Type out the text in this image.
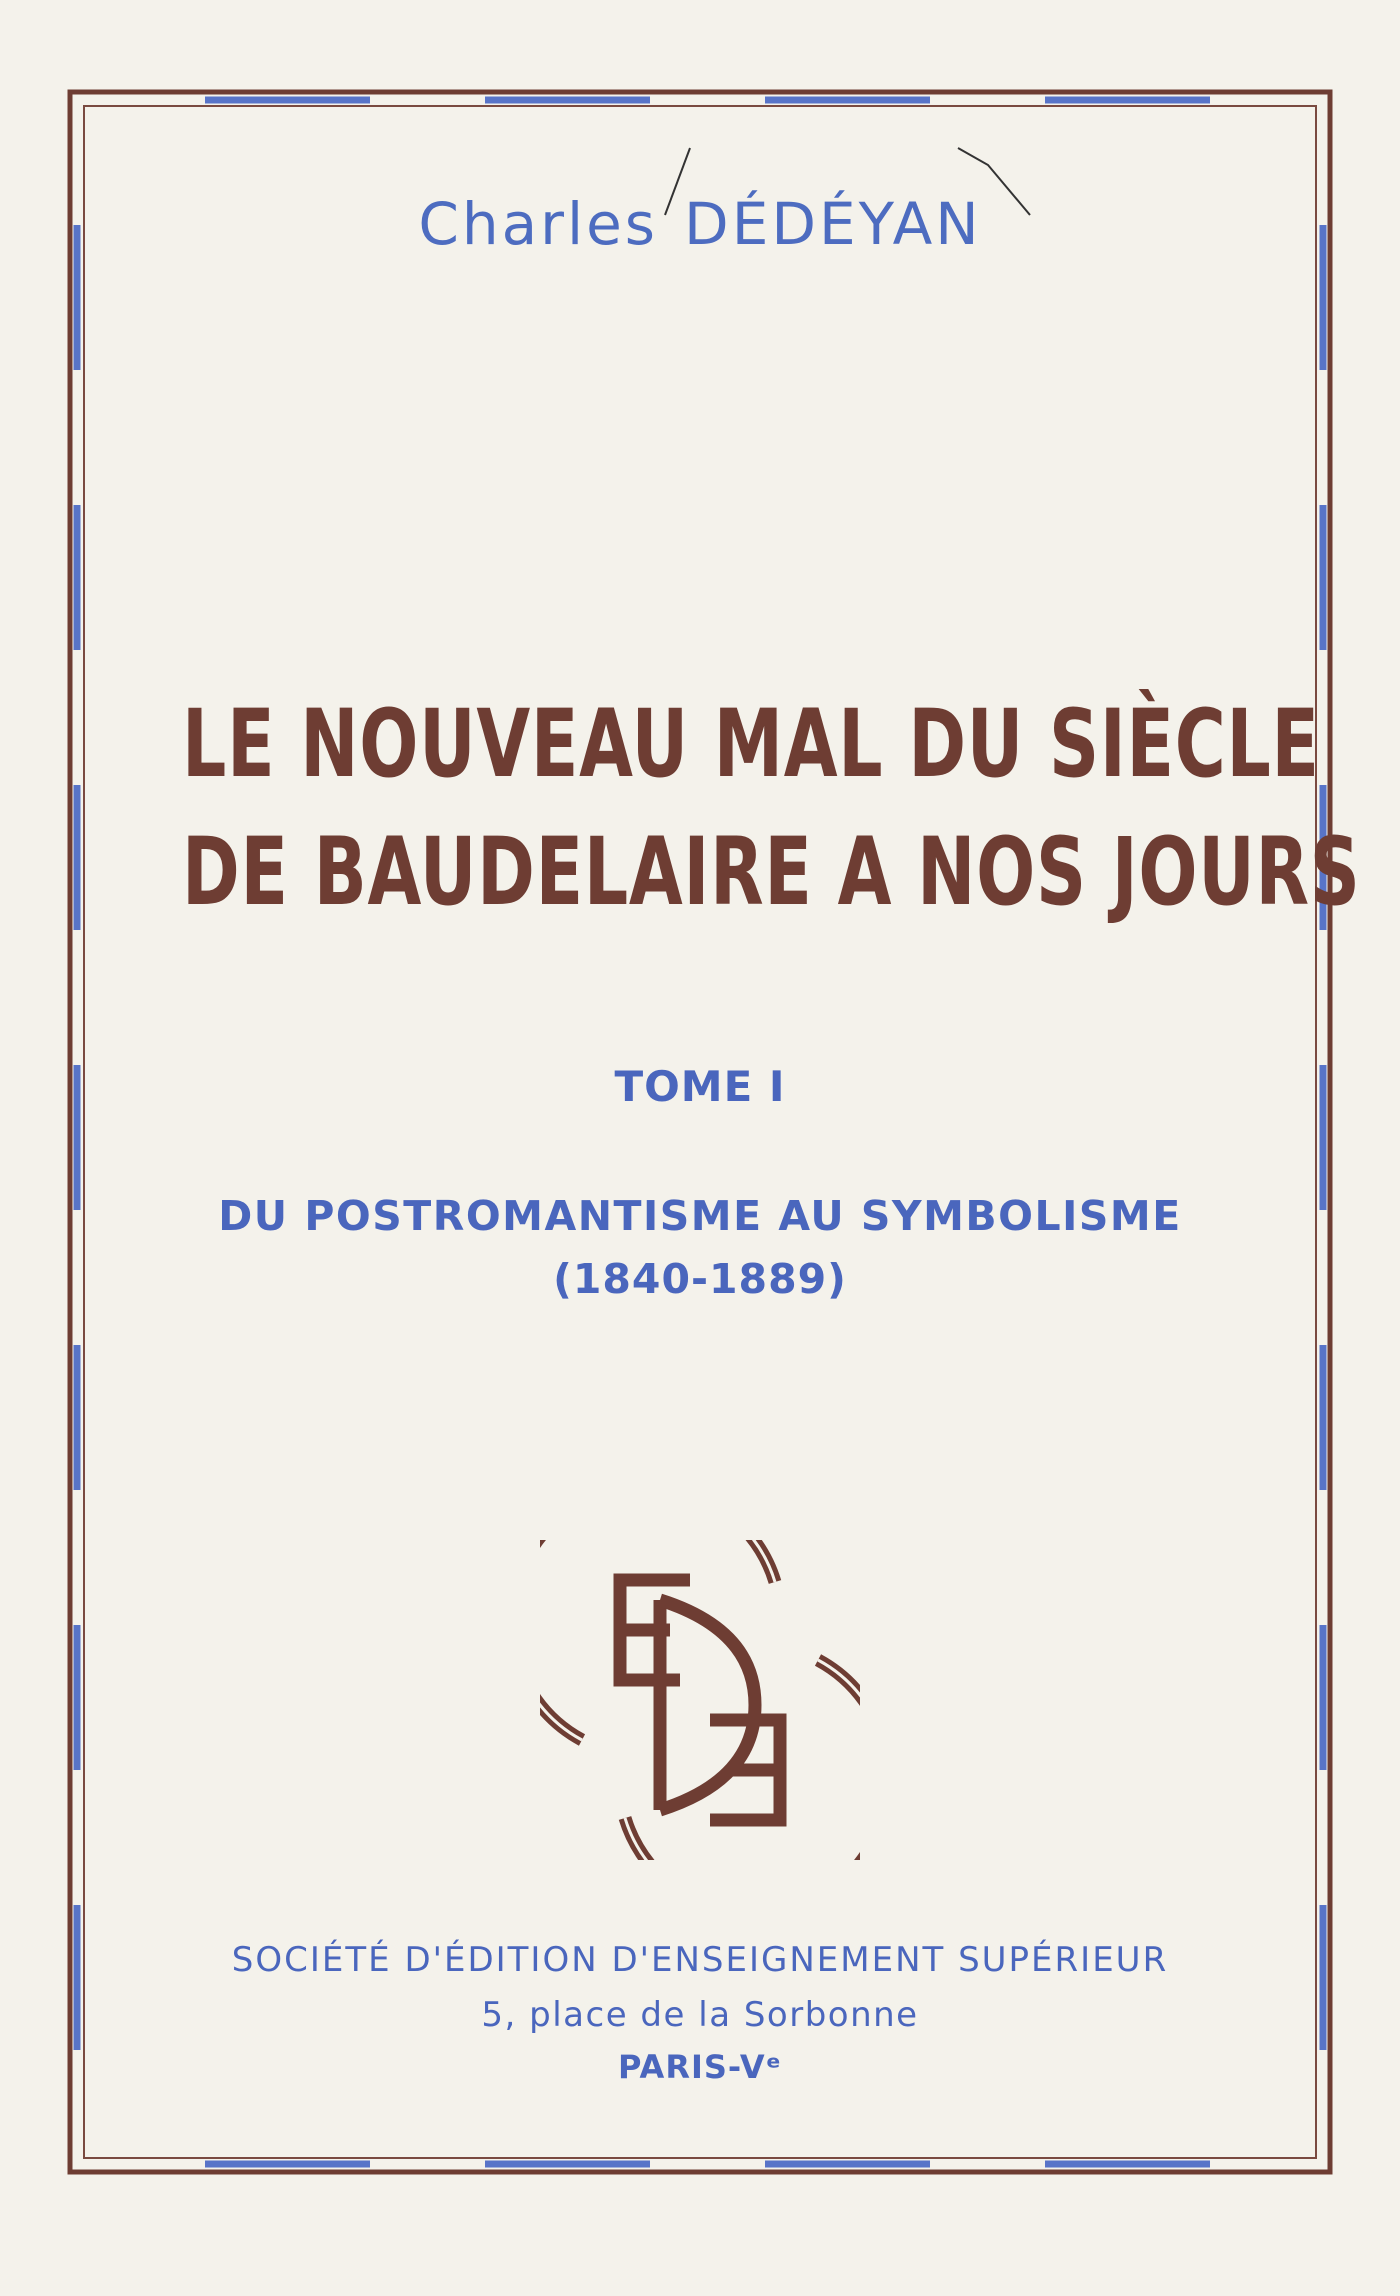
Charles DÉDÉYAN
LE NOUVEAU MAL DU SIÈCLE
DE BAUDELAIRE A NOS JOURS
TOME I
DU POSTROMANTISME AU SYMBOLISME
(1840-1889)
SOCIÉTÉ D'ÉDITION D'ENSEIGNEMENT SUPÉRIEUR
5, place de la Sorbonne
PARIS-Vᵉ
